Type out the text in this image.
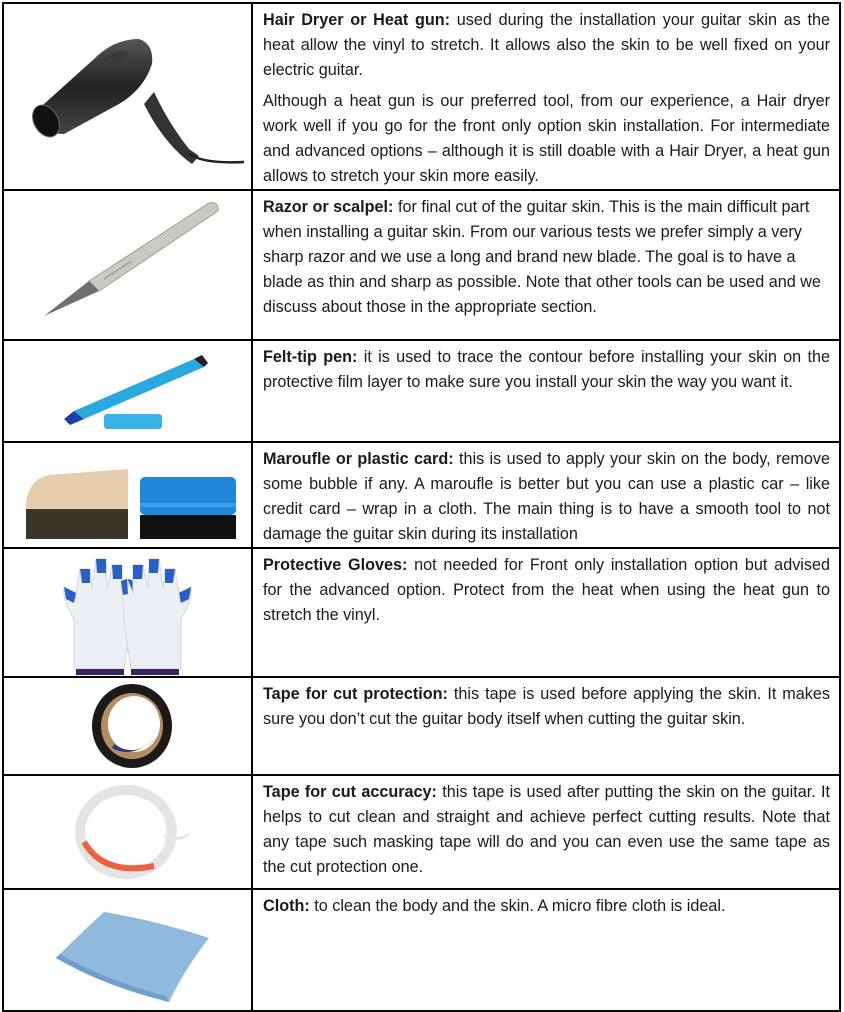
Hair Dryer or Heat gun: used during the installation your guitar skin as the heat allow the vinyl to stretch. It allows also the skin to be well fixed on your electric guitar.

Although a heat gun is our preferred tool, from our experience, a Hair dryer work well if you go for the front only option skin installation. For intermediate and advanced options – although it is still doable with a Hair Dryer, a heat gun allows to stretch your skin more easily.

Razor or scalpel: for final cut of the guitar skin. This is the main difficult part when installing a guitar skin. From our various tests we prefer simply a very sharp razor and we use a long and brand new blade. The goal is to have a blade as thin and sharp as possible. Note that other tools can be used and we discuss about those in the appropriate section.

Felt-tip pen: it is used to trace the contour before installing your skin on the protective film layer to make sure you install your skin the way you want it.

Maroufle or plastic card: this is used to apply your skin on the body, remove some bubble if any. A maroufle is better but you can use a plastic car – like credit card – wrap in a cloth. The main thing is to have a smooth tool to not damage the guitar skin during its installation

Protective Gloves: not needed for Front only installation option but advised for the advanced option. Protect from the heat when using the heat gun to stretch the vinyl.

Tape for cut protection: this tape is used before applying the skin. It makes sure you don’t cut the guitar body itself when cutting the guitar skin.

Tape for cut accuracy: this tape is used after putting the skin on the guitar. It helps to cut clean and straight and achieve perfect cutting results. Note that any tape such masking tape will do and you can even use the same tape as the cut protection one.

Cloth: to clean the body and the skin. A micro fibre cloth is ideal.
